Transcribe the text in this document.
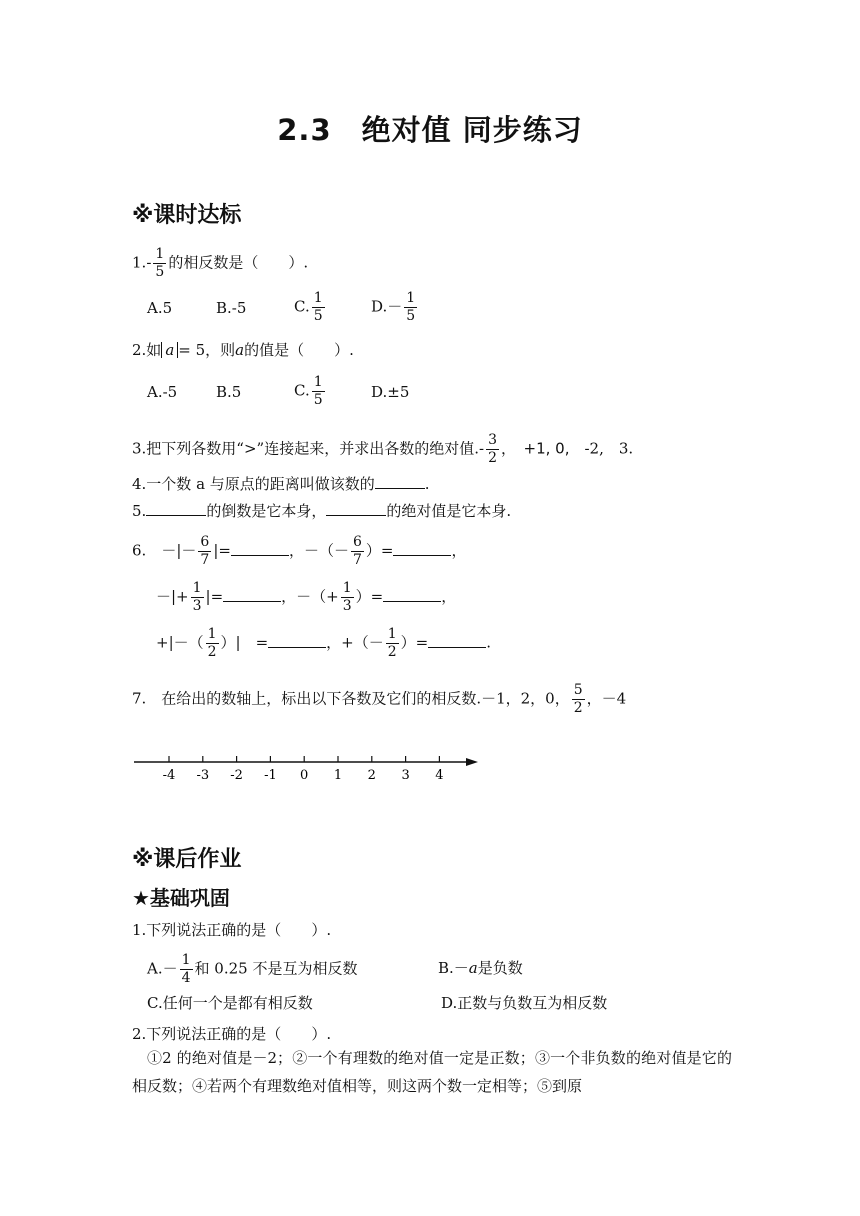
2.3　绝对值 同步练习
※课时达标
$1.- \frac{1}{5}$ 的相反数是（　　）.
A.5	B.-5	C. $\frac{1}{5}$	$D.- \frac{1}{5}$
2.如 a = 5，则a的值是（　　）.
A.-5	B.5	C. $\frac{1}{5}$	D.±5
3.把下列各数用“>”连接起来，并求出各数的绝对值.- $\frac{3}{2}$ ，　+1, 0,　-2,　3.
4.一个数 a 与原点的距离叫做该数的	.
5.	的倒数是它本身，	的绝对值是它本身.
6.　 －|－ $\frac{6}{7}$ |=	，－（－ $\frac{6}{7}$ ）=	，
－|+ $\frac{1}{3}$ |=	，－（+ $\frac{1}{3}$ ）=	，
+|－（ $\frac{1}{2}$ ）|　=	，+（－ $\frac{1}{2}$ ）=	.
7.　在给出的数轴上，标出以下各数及它们的相反数.－1，2，0， $\frac{5}{2}$ ，－4
-4 -3 -2 -1 0 1 2 3 4
※课后作业
★基础巩固
1.下列说法正确的是（　　）.
$A.- \frac{1}{4}$ 和 0.25 不是互为相反数	B.－a是负数
C.任何一个是都有相反数	D.正数与负数互为相反数
2.下列说法正确的是（　　）.
①2 的绝对值是－2；②一个有理数的绝对值一定是正数；③一个非负数的绝对值是它的相反数；④若两个有理数绝对值相等，则这两个数一定相等；⑤到原
